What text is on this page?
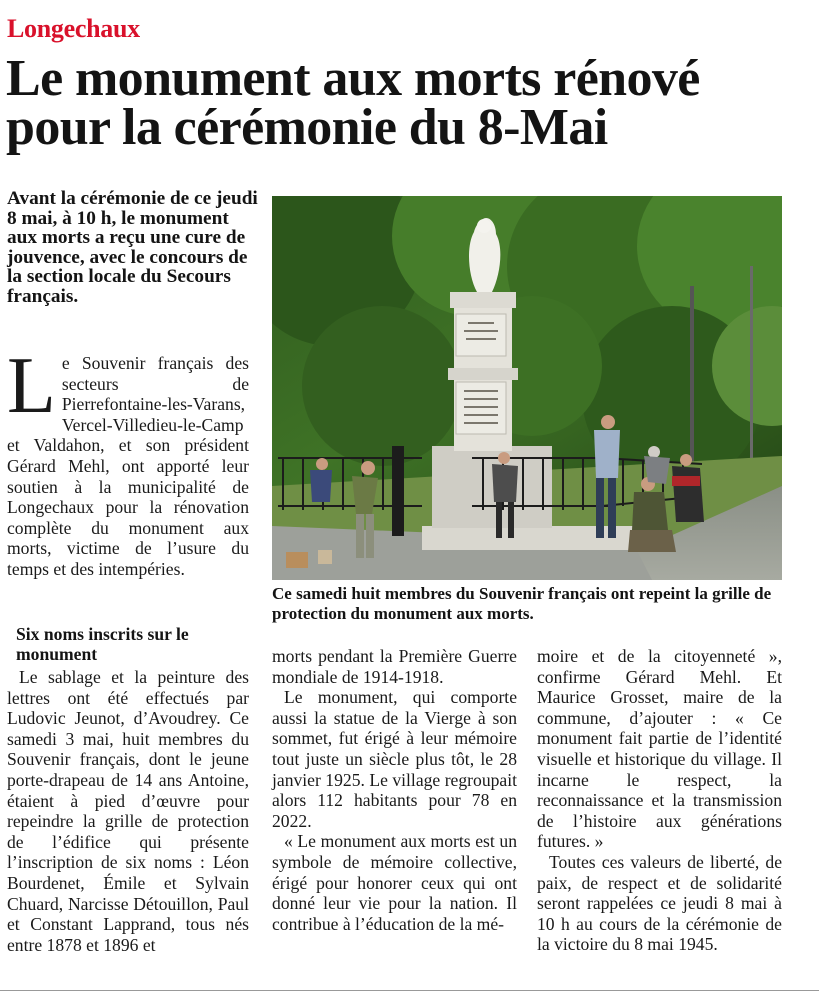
Longechaux
Le monument aux morts rénové pour la cérémonie du 8-Mai

Avant la cérémonie de ce jeudi 8 mai, à 10 h, le monument aux morts a reçu une cure de jouvence, avec le concours de la section locale du Secours français.

L e Souvenir français des secteurs de Pierrefontaine-les-Varans, Vercel-Villedieu-le-Camp et Valdahon, et son président Gérard Mehl, ont apporté leur soutien à la municipalité de Longechaux pour la rénovation complète du monument aux morts, victime de l’usure du temps et des intempéries.

Six noms inscrits sur le monument

Le sablage et la peinture des lettres ont été effectués par Ludovic Jeunot, d’Avoudrey. Ce samedi 3 mai, huit membres du Souvenir français, dont le jeune porte-drapeau de 14 ans Antoine, étaient à pied d’œuvre pour repeindre la grille de protection de l’édifice qui présente l’inscription de six noms : Léon Bourdenet, Émile et Sylvain Chuard, Narcisse Détouillon, Paul et Constant Lapprand, tous nés entre 1878 et 1896 et

morts pendant la Première Guerre mondiale de 1914-1918.

Le monument, qui comporte aussi la statue de la Vierge à son sommet, fut érigé à leur mémoire tout juste un siècle plus tôt, le 28 janvier 1925. Le village regroupait alors 112 habitants pour 78 en 2022.

« Le monument aux morts est un symbole de mémoire collective, érigé pour honorer ceux qui ont donné leur vie pour la nation. Il contribue à l’éducation de la mé-

moire et de la citoyenneté », confirme Gérard Mehl. Et Maurice Grosset, maire de la commune, d’ajouter : « Ce monument fait partie de l’identité visuelle et historique du village. Il incarne le respect, la reconnaissance et la transmission de l’histoire aux générations futures. »

Toutes ces valeurs de liberté, de paix, de respect et de solidarité seront rappelées ce jeudi 8 mai à 10 h au cours de la cérémonie de la victoire du 8 mai 1945.

Ce samedi huit membres du Souvenir français ont repeint la grille de protection du monument aux morts.
